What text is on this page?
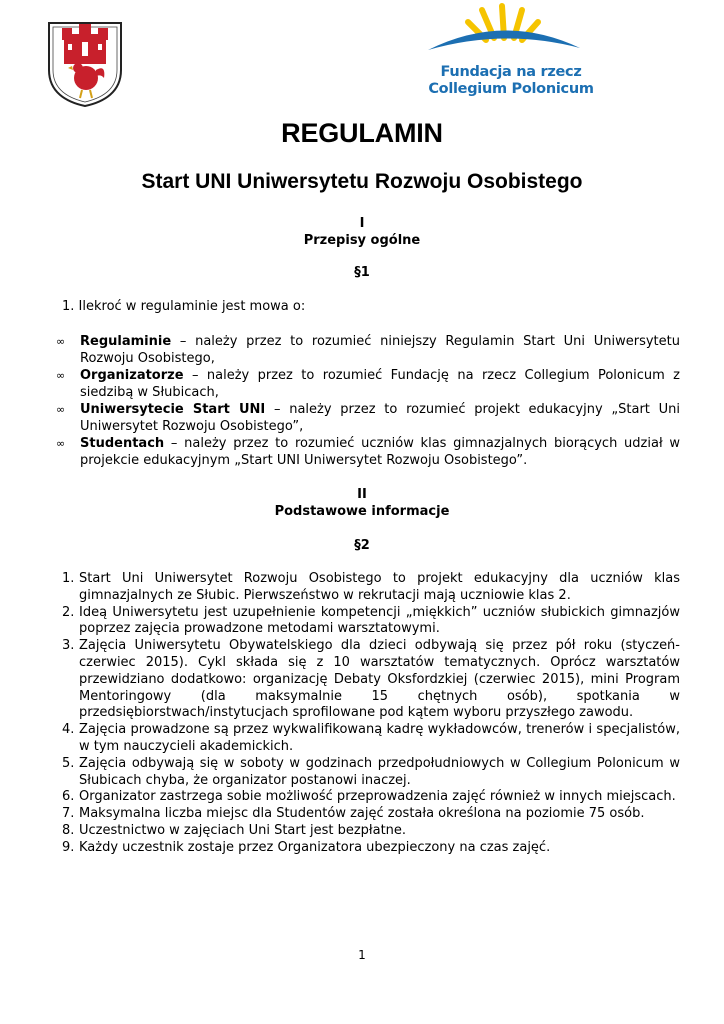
Fundacja na rzecz
Collegium Polonicum
REGULAMIN
Start UNI Uniwersytetu Rozwoju Osobistego
I
Przepisy ogólne
§1
1. Ilekroć w regulaminie jest mowa o:
∞	Regulaminie – należy przez to rozumieć niniejszy Regulamin Start Uni Uniwersytetu Rozwoju Osobistego,
∞	Organizatorze – należy przez to rozumieć Fundację na rzecz Collegium Polonicum z siedzibą w Słubicach,
∞	Uniwersytecie Start UNI – należy przez to rozumieć projekt edukacyjny „Start Uni Uniwersytet Rozwoju Osobistego”,
∞	Studentach – należy przez to rozumieć uczniów klas gimnazjalnych biorących udział w projekcie edukacyjnym „Start UNI Uniwersytet Rozwoju Osobistego”.
II
Podstawowe informacje
§2
1. Start Uni Uniwersytet Rozwoju Osobistego to projekt edukacyjny dla uczniów klas gimnazjalnych ze Słubic. Pierwszeństwo w rekrutacji mają uczniowie klas 2.
2. Ideą Uniwersytetu jest uzupełnienie kompetencji „miękkich” uczniów słubickich gimnazjów poprzez zajęcia prowadzone metodami warsztatowymi.
3. Zajęcia Uniwersytetu Obywatelskiego dla dzieci odbywają się przez pół roku (styczeń-czerwiec 2015). Cykl składa się z 10 warsztatów tematycznych. Oprócz warsztatów przewidziano dodatkowo: organizację Debaty Oksfordzkiej (czerwiec 2015), mini Program Mentoringowy (dla maksymalnie 15 chętnych osób), spotkania w przedsiębiorstwach/instytucjach sprofilowane pod kątem wyboru przyszłego zawodu.
4. Zajęcia prowadzone są przez wykwalifikowaną kadrę wykładowców, trenerów i specjalistów, w tym nauczycieli akademickich.
5. Zajęcia odbywają się w soboty w godzinach przedpołudniowych w Collegium Polonicum w Słubicach chyba, że organizator postanowi inaczej.
6. Organizator zastrzega sobie możliwość przeprowadzenia zajęć również w innych miejscach.
7. Maksymalna liczba miejsc dla Studentów zajęć została określona na poziomie 75 osób.
8. Uczestnictwo w zajęciach Uni Start jest bezpłatne.
9. Każdy uczestnik zostaje przez Organizatora ubezpieczony na czas zajęć.
1
